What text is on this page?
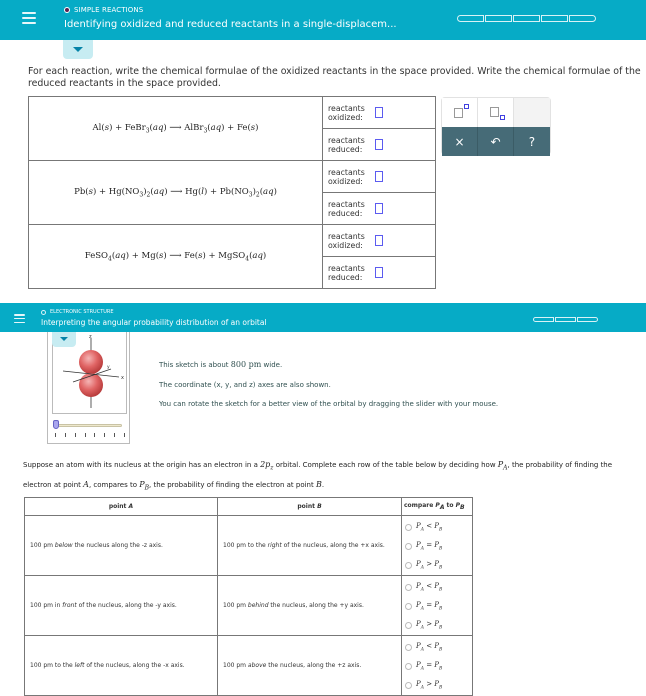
SIMPLE REACTIONS
Identifying oxidized and reduced reactants in a single-displacem...
For each reaction, write the chemical formulae of the oxidized reactants in the space provided. Write the chemical formulae of the reduced reactants in the space provided.
Al(s) + FeBr$_3$(aq) ⟶ AlBr$_3$(aq) + Fe(s)	reactants oxidized:

	reactants reduced:

$Pb(s) + Hg(NO_3)_2(aq)$ ⟶ $Hg(l) + Pb(NO_3)_2(aq)$	reactants oxidized:

	reactants reduced:

FeSO$_4$(aq) + Mg(s) ⟶ Fe(s) + MgSO$_4$(aq)	reactants oxidized:

	reactants reduced:
×	↶	?
ELECTRONIC STRUCTURE
Interpreting the angular probability distribution of an orbital
z
x
y	This sketch is about 800 pm wide.
The coordinate (x, y, and z) axes are also shown.
You can rotate the sketch for a better view of the orbital by dragging the slider with your mouse.
Suppose an atom with its nucleus at the origin has an electron in a $2p_z$ orbital. Complete each row of the table below by deciding how $P_A$, the probability of finding the electron at point A, compares to $P_B$, the probability of finding the electron at point B.
point A	point B	compare $P_A$ to $P_B$
100 pm below the nucleus along the -z axis.	100 pm to the right of the nucleus, along the +x axis.	$P_A < P_B$
$P_A = P_B$
$P_A > P_B$

100 pm in front of the nucleus, along the -y axis.	100 pm behind the nucleus, along the +y axis.	$P_A < P_B$
$P_A = P_B$
$P_A > P_B$

100 pm to the left of the nucleus, along the -x axis.	100 pm above the nucleus, along the +z axis.	$P_A < P_B$
$P_A = P_B$
$P_A > P_B$
